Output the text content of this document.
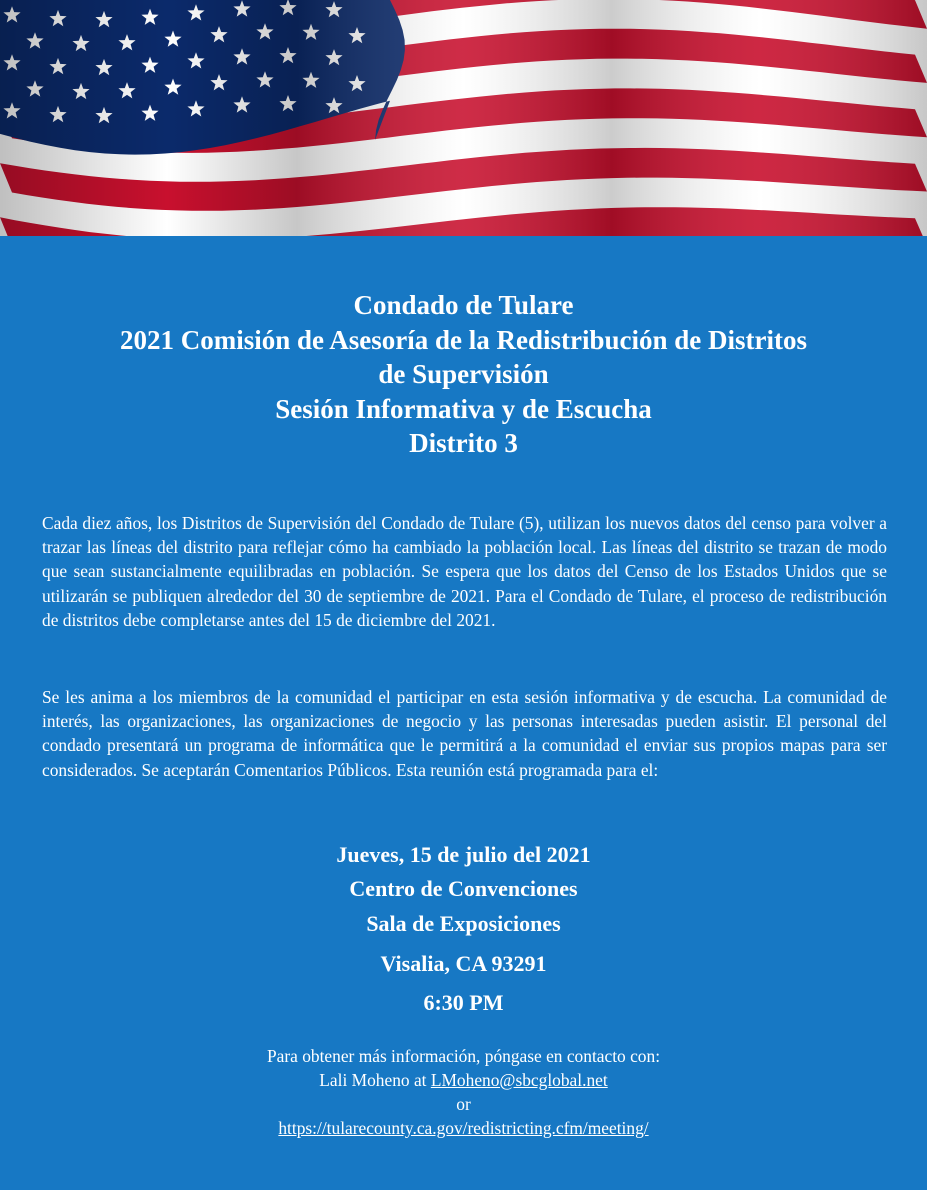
Condado de Tulare
2021 Comisión de Asesoría de la Redistribución de Distritos
de Supervisión
Sesión Informativa y de Escucha
Distrito 3

Cada diez años, los Distritos de Supervisión del Condado de Tulare (5), utilizan los nuevos datos del censo para volver a trazar las líneas del distrito para reflejar cómo ha cambiado la población local. Las líneas del distrito se trazan de modo que sean sustancialmente equilibradas en población. Se espera que los datos del Censo de los Estados Unidos que se utilizarán se publiquen alrededor del 30 de septiembre de 2021. Para el Condado de Tulare, el proceso de redistribución de distritos debe completarse antes del 15 de diciembre del 2021.

Se les anima a los miembros de la comunidad el participar en esta sesión informativa y de escucha. La comunidad de interés, las organizaciones, las organizaciones de negocio y las personas interesadas pueden asistir. El personal del condado presentará un programa de informática que le permitirá a la comunidad el enviar sus propios mapas para ser considerados. Se aceptarán Comentarios Públicos. Esta reunión está programada para el:

Jueves, 15 de julio del 2021
Centro de Convenciones
Sala de Exposiciones
Visalia, CA 93291
6:30 PM
Para obtener más información, póngase en contacto con:
Lali Moheno at LMoheno@sbcglobal.net
or
https://tularecounty.ca.gov/redistricting.cfm/meeting/
